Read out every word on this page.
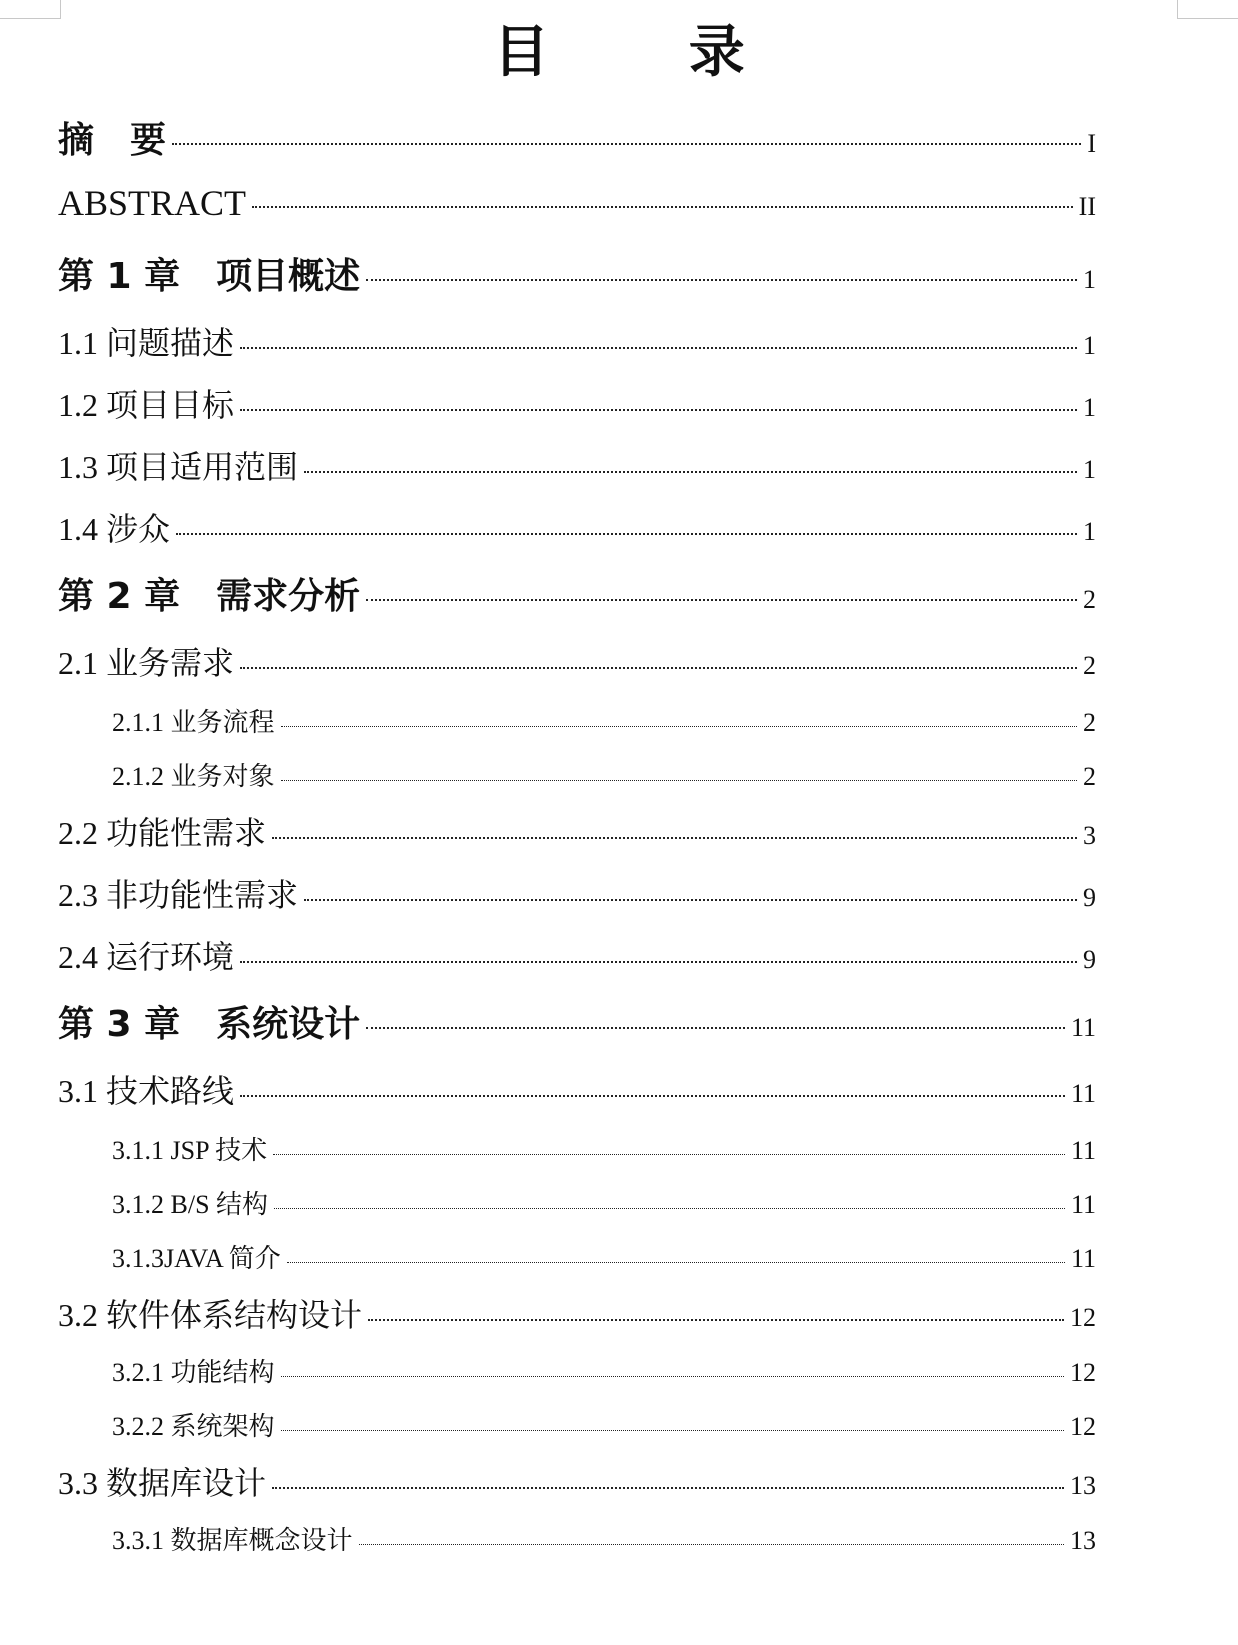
目 录
摘　要	I
ABSTRACT	II
第 1 章　项目概述	1
1.1 问题描述	1
1.2 项目目标	1
1.3 项目适用范围	1
1.4 涉众	1
第 2 章　需求分析	2
2.1 业务需求	2
2.1.1 业务流程	2
2.1.2 业务对象	2
2.2 功能性需求	3
2.3 非功能性需求	9
2.4 运行环境	9
第 3 章　系统设计	11
3.1 技术路线	11
3.1.1 JSP 技术	11
3.1.2 B/S 结构	11
3.1.3JAVA 简介	11
3.2 软件体系结构设计	12
3.2.1 功能结构	12
3.2.2 系统架构	12
3.3 数据库设计	13
3.3.1 数据库概念设计	13
